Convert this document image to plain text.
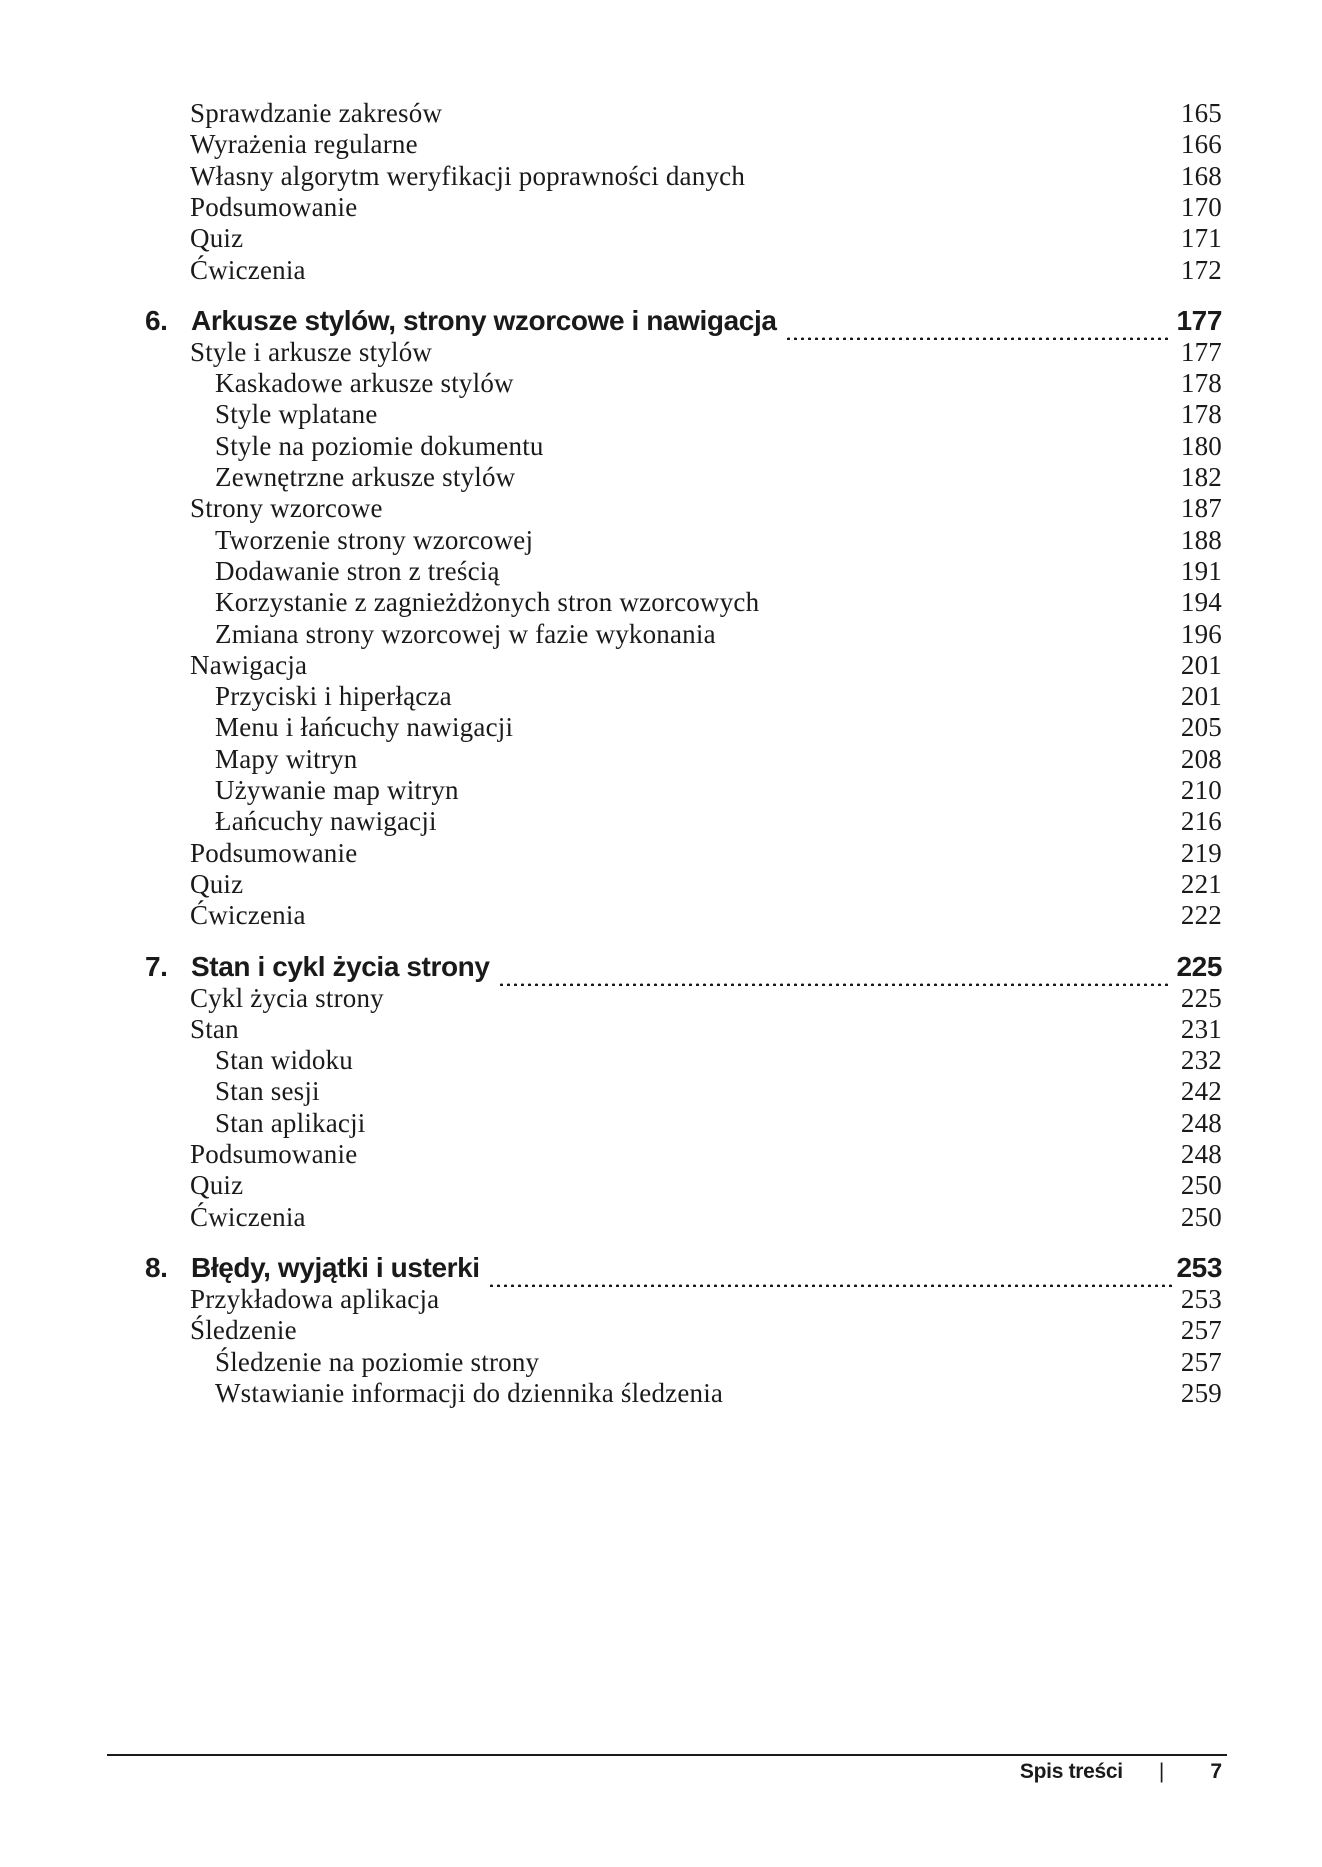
Sprawdzanie zakresów	165
Wyrażenia regularne	166
Własny algorytm weryfikacji poprawności danych	168
Podsumowanie	170
Quiz	171
Ćwiczenia	172
6. Arkusze stylów, strony wzorcowe i nawigacja	177
Style i arkusze stylów	177
Kaskadowe arkusze stylów	178
Style wplatane	178
Style na poziomie dokumentu	180
Zewnętrzne arkusze stylów	182
Strony wzorcowe	187
Tworzenie strony wzorcowej	188
Dodawanie stron z treścią	191
Korzystanie z zagnieżdżonych stron wzorcowych	194
Zmiana strony wzorcowej w fazie wykonania	196
Nawigacja	201
Przyciski i hiperłącza	201
Menu i łańcuchy nawigacji	205
Mapy witryn	208
Używanie map witryn	210
Łańcuchy nawigacji	216
Podsumowanie	219
Quiz	221
Ćwiczenia	222
7. Stan i cykl życia strony	225
Cykl życia strony	225
Stan	231
Stan widoku	232
Stan sesji	242
Stan aplikacji	248
Podsumowanie	248
Quiz	250
Ćwiczenia	250
8. Błędy, wyjątki i usterki	253
Przykładowa aplikacja	253
Śledzenie	257
Śledzenie na poziomie strony	257
Wstawianie informacji do dziennika śledzenia	259
Spis treści | 7
